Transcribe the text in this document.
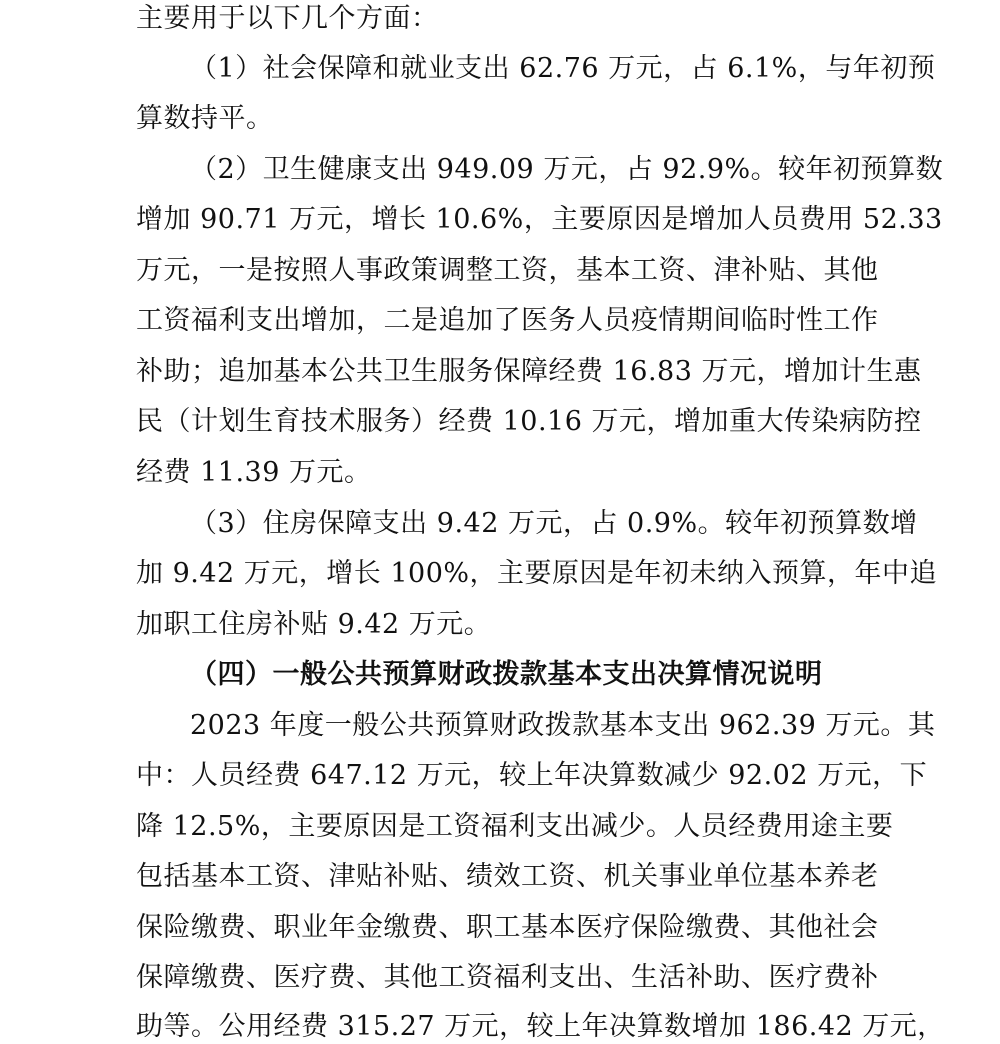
主要用于以下几个方面：
（1）社会保障和就业支出 62.76 万元，占 6.1%，与年初预
算数持平。
（2）卫生健康支出 949.09 万元，占 92.9%。较年初预算数
增加 90.71 万元，增长 10.6%，主要原因是增加人员费用 52.33
万元，一是按照人事政策调整工资，基本工资、津补贴、其他
工资福利支出增加，二是追加了医务人员疫情期间临时性工作
补助；追加基本公共卫生服务保障经费 16.83 万元，增加计生惠
民（计划生育技术服务）经费 10.16 万元，增加重大传染病防控
经费 11.39 万元。
（3）住房保障支出 9.42 万元，占 0.9%。较年初预算数增
加 9.42 万元，增长 100%，主要原因是年初未纳入预算，年中追
加职工住房补贴 9.42 万元。
（四）一般公共预算财政拨款基本支出决算情况说明
2023 年度一般公共预算财政拨款基本支出 962.39 万元。其
中：人员经费 647.12 万元，较上年决算数减少 92.02 万元，下
降 12.5%，主要原因是工资福利支出减少。人员经费用途主要
包括基本工资、津贴补贴、绩效工资、机关事业单位基本养老
保险缴费、职业年金缴费、职工基本医疗保险缴费、其他社会
保障缴费、医疗费、其他工资福利支出、生活补助、医疗费补
助等。公用经费 315.27 万元，较上年决算数增加 186.42 万元，
